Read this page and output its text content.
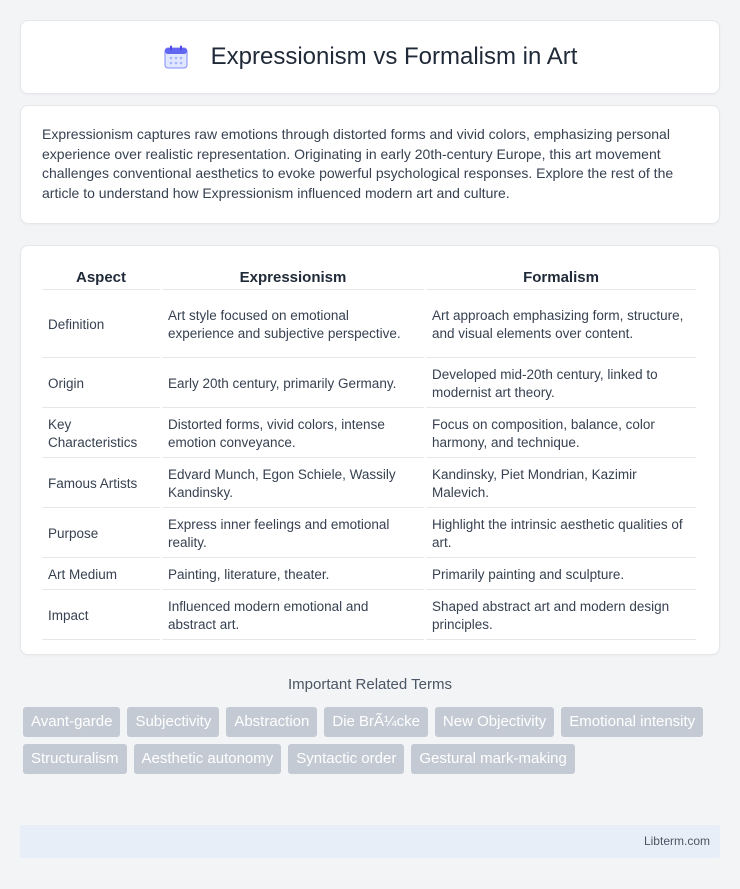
Expressionism vs Formalism in Art

Expressionism captures raw emotions through distorted forms and vivid colors, emphasizing personal experience over realistic representation. Originating in early 20th-century Europe, this art movement challenges conventional aesthetics to evoke powerful psychological responses. Explore the rest of the article to understand how Expressionism influenced modern art and culture.

Aspect	Expressionism	Formalism
Definition	Art style focused on emotional experience and subjective perspective.	Art approach emphasizing form, structure, and visual elements over content.
Origin	Early 20th century, primarily Germany.	Developed mid-20th century, linked to modernist art theory.
Key Characteristics	Distorted forms, vivid colors, intense emotion conveyance.	Focus on composition, balance, color harmony, and technique.
Famous Artists	Edvard Munch, Egon Schiele, Wassily Kandinsky.	Kandinsky, Piet Mondrian, Kazimir Malevich.
Purpose	Express inner feelings and emotional reality.	Highlight the intrinsic aesthetic qualities of art.
Art Medium	Painting, literature, theater.	Primarily painting and sculpture.
Impact	Influenced modern emotional and abstract art.	Shaped abstract art and modern design principles.
Important Related Terms
Avant-garde	Subjectivity	Abstraction	Die BrÃ¼cke	New Objectivity	Emotional intensity
Structuralism	Aesthetic autonomy	Syntactic order	Gestural mark-making
Libterm.com
